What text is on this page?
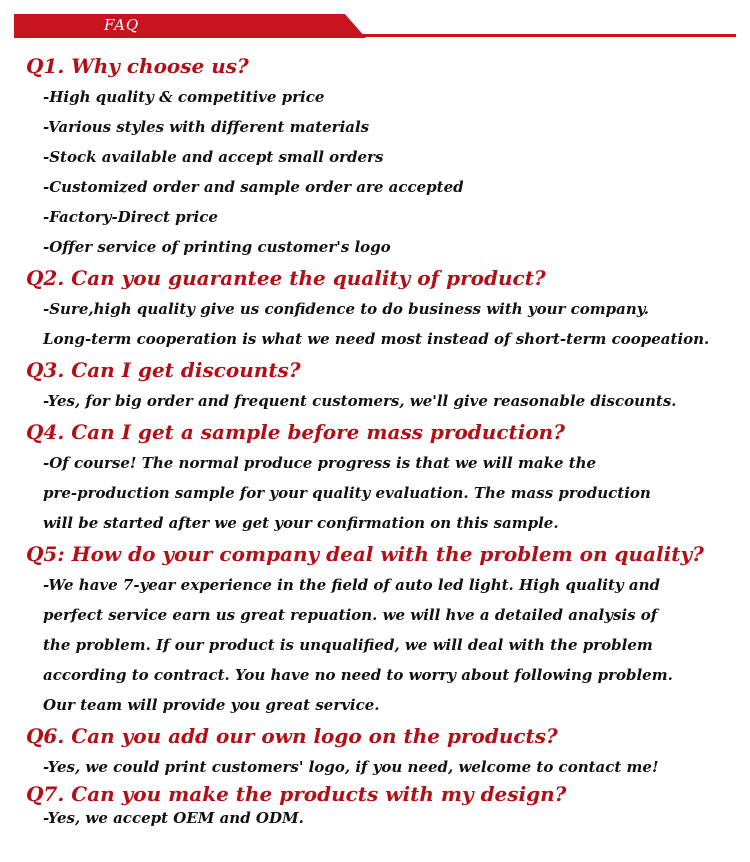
FAQ
Q1. Why choose us?
-High quality & competitive price
-Various styles with different materials
-Stock available and accept small orders
-Customized order and sample order are accepted
-Factory-Direct price
-Offer service of printing customer's logo
Q2. Can you guarantee the quality of product?
-Sure,high quality give us confidence to do business with your company.
Long-term cooperation is what we need most instead of short-term coopeation.
Q3. Can I get discounts?
-Yes, for big order and frequent customers, we'll give reasonable discounts.
Q4. Can I get a sample before mass production?
-Of course! The normal produce progress is that we will make the
pre-production sample for your quality evaluation. The mass production
will be started after we get your confirmation on this sample.
Q5: How do your company deal with the problem on quality?
-We have 7-year experience in the field of auto led light. High quality and
perfect service earn us great repuation. we will hve a detailed analysis of
the problem. If our product is unqualified, we will deal with the problem
according to contract. You have no need to worry about following problem.
Our team will provide you great service.
Q6. Can you add our own logo on the products?
-Yes, we could print customers' logo, if you need, welcome to contact me!
Q7. Can you make the products with my design?
-Yes, we accept OEM and ODM.
